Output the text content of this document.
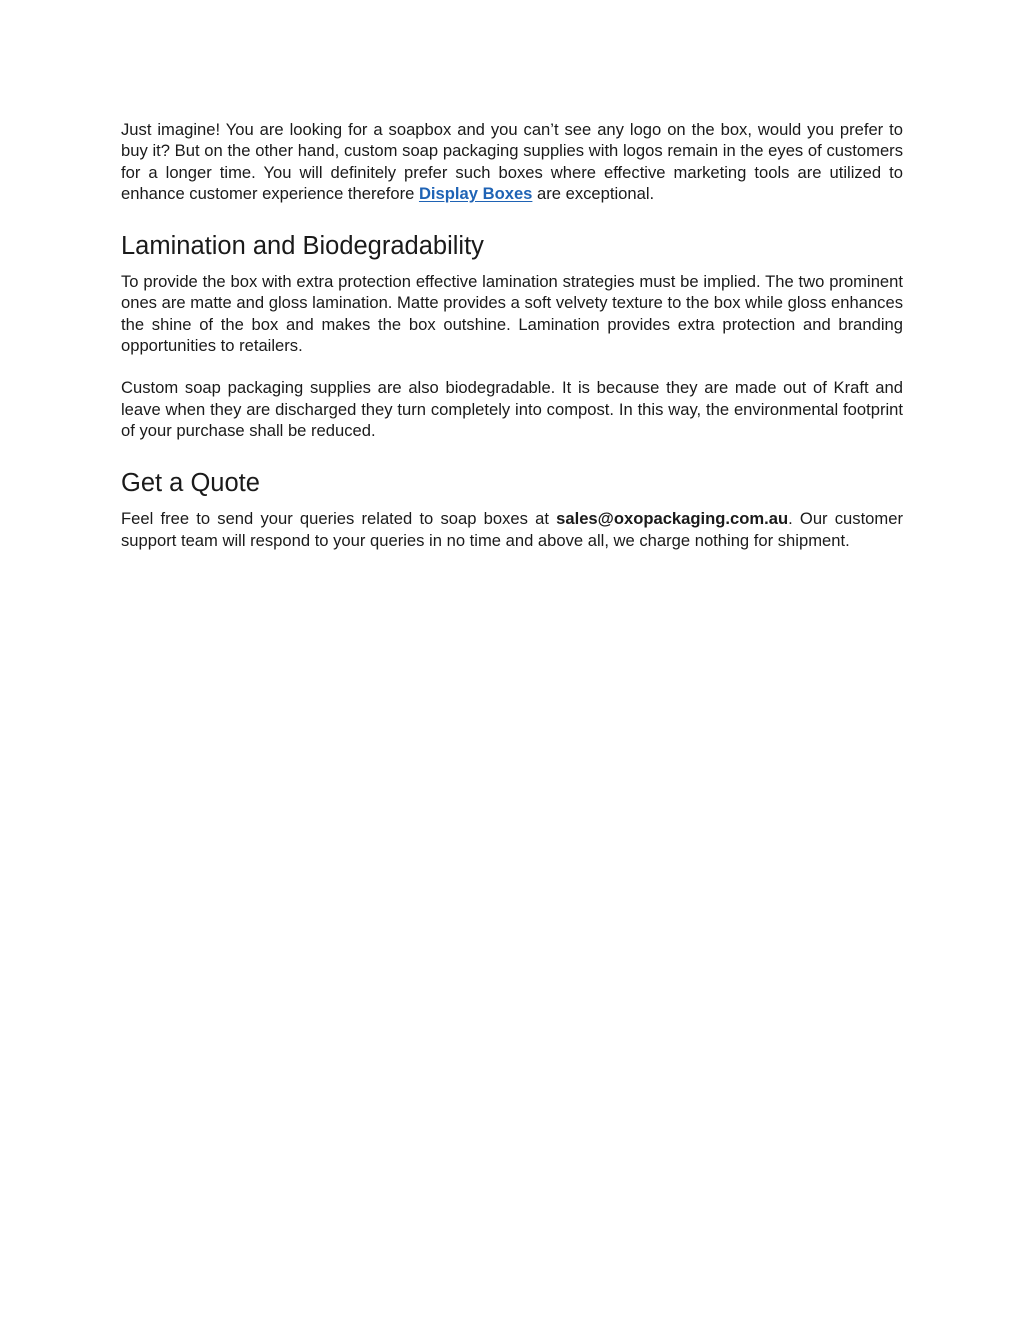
Just imagine! You are looking for a soapbox and you can’t see any logo on the box, would you prefer to buy it? But on the other hand, custom soap packaging supplies with logos remain in the eyes of customers for a longer time. You will definitely prefer such boxes where effective marketing tools are utilized to enhance customer experience therefore Display Boxes are exceptional.

Lamination and Biodegradability

To provide the box with extra protection effective lamination strategies must be implied. The two prominent ones are matte and gloss lamination. Matte provides a soft velvety texture to the box while gloss enhances the shine of the box and makes the box outshine. Lamination provides extra protection and branding opportunities to retailers.

Custom soap packaging supplies are also biodegradable. It is because they are made out of Kraft and leave when they are discharged they turn completely into compost. In this way, the environmental footprint of your purchase shall be reduced.

Get a Quote

Feel free to send your queries related to soap boxes at sales@oxopackaging.com.au. Our customer support team will respond to your queries in no time and above all, we charge nothing for shipment.
